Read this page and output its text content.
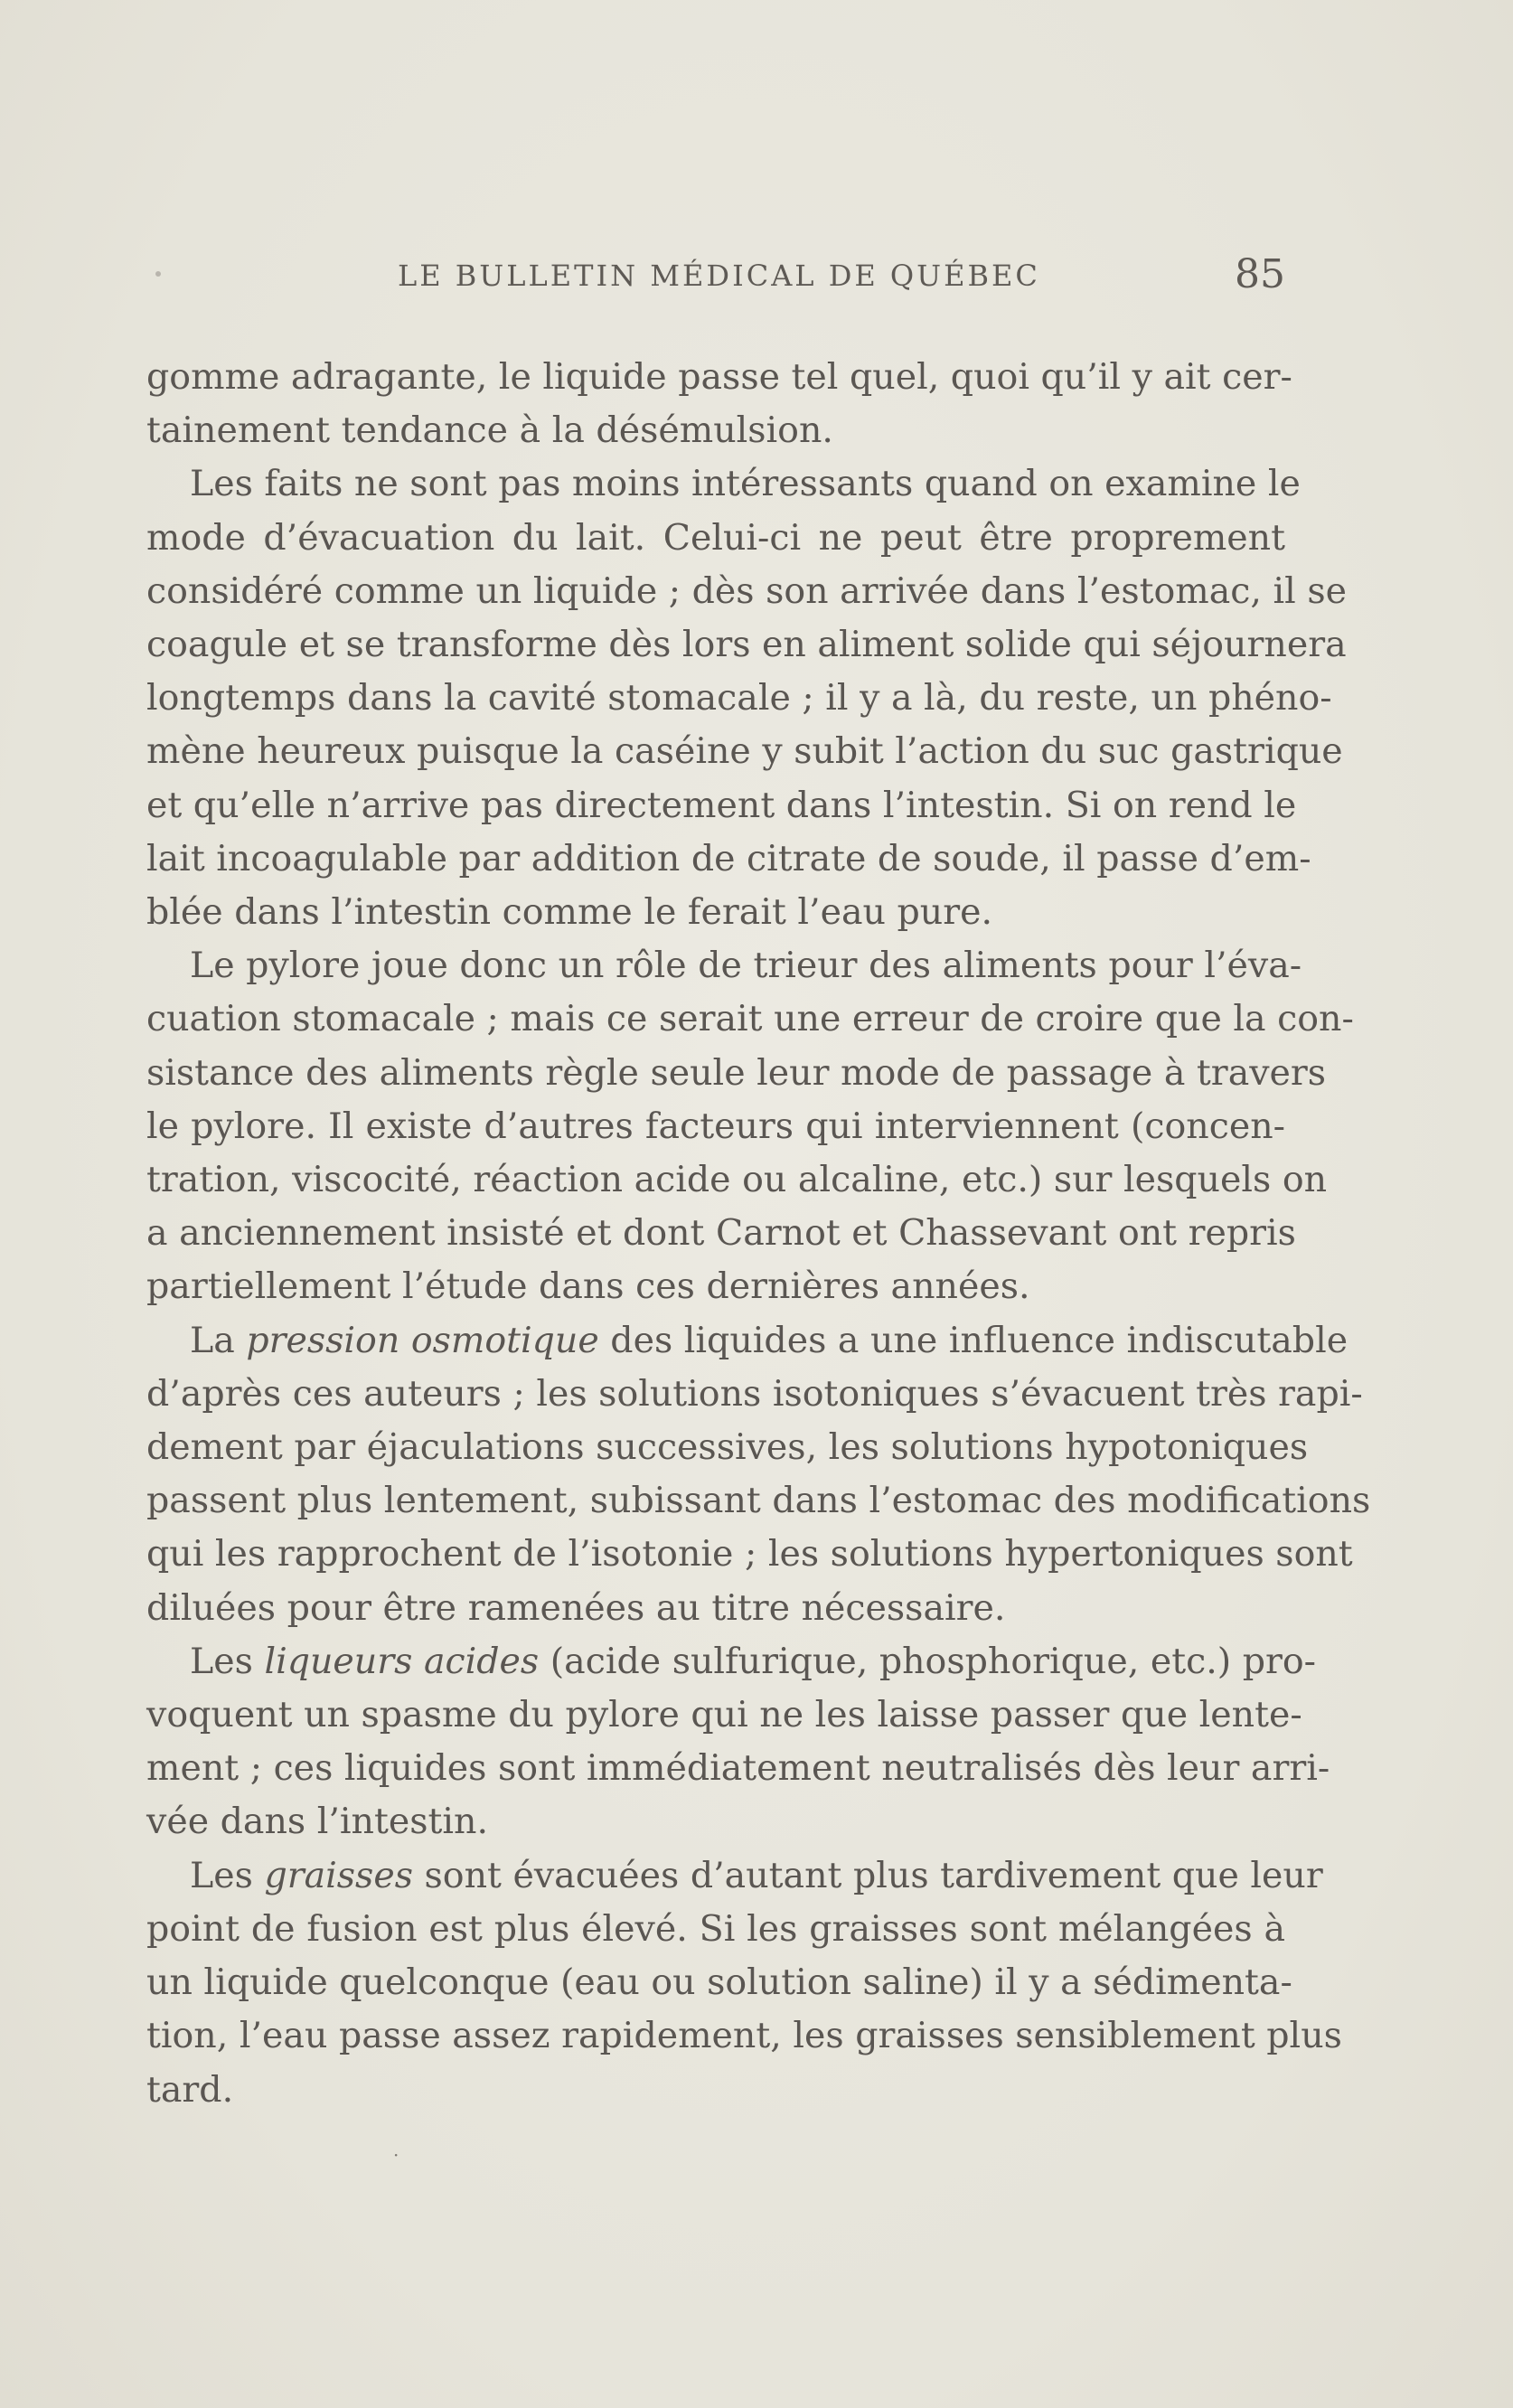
LE BULLETIN MÉDICAL DE QUÉBEC	85
gomme adragante, le liquide passe tel quel, quoi qu’il y ait cer-
tainement tendance à la désémulsion.
Les faits ne sont pas moins intéressants quand on examine le
mode d’évacuation du lait. Celui-ci ne peut être proprement
considéré comme un liquide ; dès son arrivée dans l’estomac, il se
coagule et se transforme dès lors en aliment solide qui séjournera
longtemps dans la cavité stomacale ; il y a là, du reste, un phéno-
mène heureux puisque la caséine y subit l’action du suc gastrique
et qu’elle n’arrive pas directement dans l’intestin. Si on rend le
lait incoagulable par addition de citrate de soude, il passe d’em-
blée dans l’intestin comme le ferait l’eau pure.
Le pylore joue donc un rôle de trieur des aliments pour l’éva-
cuation stomacale ; mais ce serait une erreur de croire que la con-
sistance des aliments règle seule leur mode de passage à travers
le pylore. Il existe d’autres facteurs qui interviennent (concen-
tration, viscocité, réaction acide ou alcaline, etc.) sur lesquels on
a anciennement insisté et dont Carnot et Chassevant ont repris
partiellement l’étude dans ces dernières années.
La pression osmotique des liquides a une influence indiscutable
d’après ces auteurs ; les solutions isotoniques s’évacuent très rapi-
dement par éjaculations successives, les solutions hypotoniques
passent plus lentement, subissant dans l’estomac des modifications
qui les rapprochent de l’isotonie ; les solutions hypertoniques sont
diluées pour être ramenées au titre nécessaire.
Les liqueurs acides (acide sulfurique, phosphorique, etc.) pro-
voquent un spasme du pylore qui ne les laisse passer que lente-
ment ; ces liquides sont immédiatement neutralisés dès leur arri-
vée dans l’intestin.
Les graisses sont évacuées d’autant plus tardivement que leur
point de fusion est plus élevé. Si les graisses sont mélangées à
un liquide quelconque (eau ou solution saline) il y a sédimenta-
tion, l’eau passe assez rapidement, les graisses sensiblement plus
tard.
·
